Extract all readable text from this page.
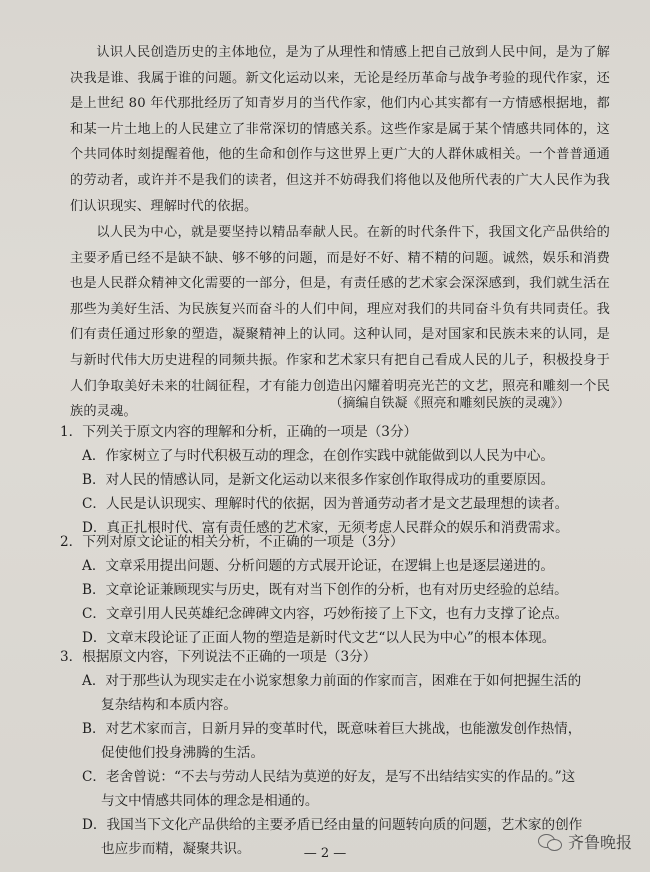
认识人民创造历史的主体地位，是为了从理性和情感上把自己放到人民中间，是为了解决我是谁、我属于谁的问题。新文化运动以来，无论是经历革命与战争考验的现代作家，还是上世纪 80 年代那批经历了知青岁月的当代作家，他们内心其实都有一方情感根据地，都和某一片土地上的人民建立了非常深切的情感关系。这些作家是属于某个情感共同体的，这个共同体时刻提醒着他，他的生命和创作与这世界上更广大的人群休戚相关。一个普普通通的劳动者，或许并不是我们的读者，但这并不妨碍我们将他以及他所代表的广大人民作为我们认识现实、理解时代的依据。

以人民为中心，就是要坚持以精品奉献人民。在新的时代条件下，我国文化产品供给的主要矛盾已经不是缺不缺、够不够的问题，而是好不好、精不精的问题。诚然，娱乐和消费也是人民群众精神文化需要的一部分，但是，有责任感的艺术家会深深感到，我们就生活在那些为美好生活、为民族复兴而奋斗的人们中间，理应对我们的共同奋斗负有共同责任。我们有责任通过形象的塑造，凝聚精神上的认同。这种认同，是对国家和民族未来的认同，是与新时代伟大历史进程的同频共振。作家和艺术家只有把自己看成人民的儿子，积极投身于人们争取美好未来的壮阔征程，才有能力创造出闪耀着明亮光芒的文艺，照亮和雕刻一个民族的灵魂。

（摘编自铁凝《照亮和雕刻民族的灵魂》）

1．下列关于原文内容的理解和分析，正确的一项是（3分）

A．作家树立了与时代积极互动的理念，在创作实践中就能做到以人民为中心。

B．对人民的情感认同，是新文化运动以来很多作家创作取得成功的重要原因。

C．人民是认识现实、理解时代的依据，因为普通劳动者才是文艺最理想的读者。

D．真正扎根时代、富有责任感的艺术家，无须考虑人民群众的娱乐和消费需求。

2．下列对原文论证的相关分析，不正确的一项是（3分）

A．文章采用提出问题、分析问题的方式展开论证，在逻辑上也是逐层递进的。

B．文章论证兼顾现实与历史，既有对当下创作的分析，也有对历史经验的总结。

C．文章引用人民英雄纪念碑碑文内容，巧妙衔接了上下文，也有力支撑了论点。

D．文章末段论证了正面人物的塑造是新时代文艺“以人民为中心”的根本体现。

3．根据原文内容，下列说法不正确的一项是（3分）

A．对于那些认为现实走在小说家想象力前面的作家而言，困难在于如何把握生活的

复杂结构和本质内容。

B．对艺术家而言，日新月异的变革时代，既意味着巨大挑战，也能激发创作热情，

促使他们投身沸腾的生活。

C．老舍曾说：“不去与劳动人民结为莫逆的好友，是写不出结结实实的作品的。”这

与文中情感共同体的理念是相通的。

D．我国当下文化产品供给的主要矛盾已经由量的问题转向质的问题，艺术家的创作

也应步而精，凝聚共识。	— 2 —
齐鲁晚报
